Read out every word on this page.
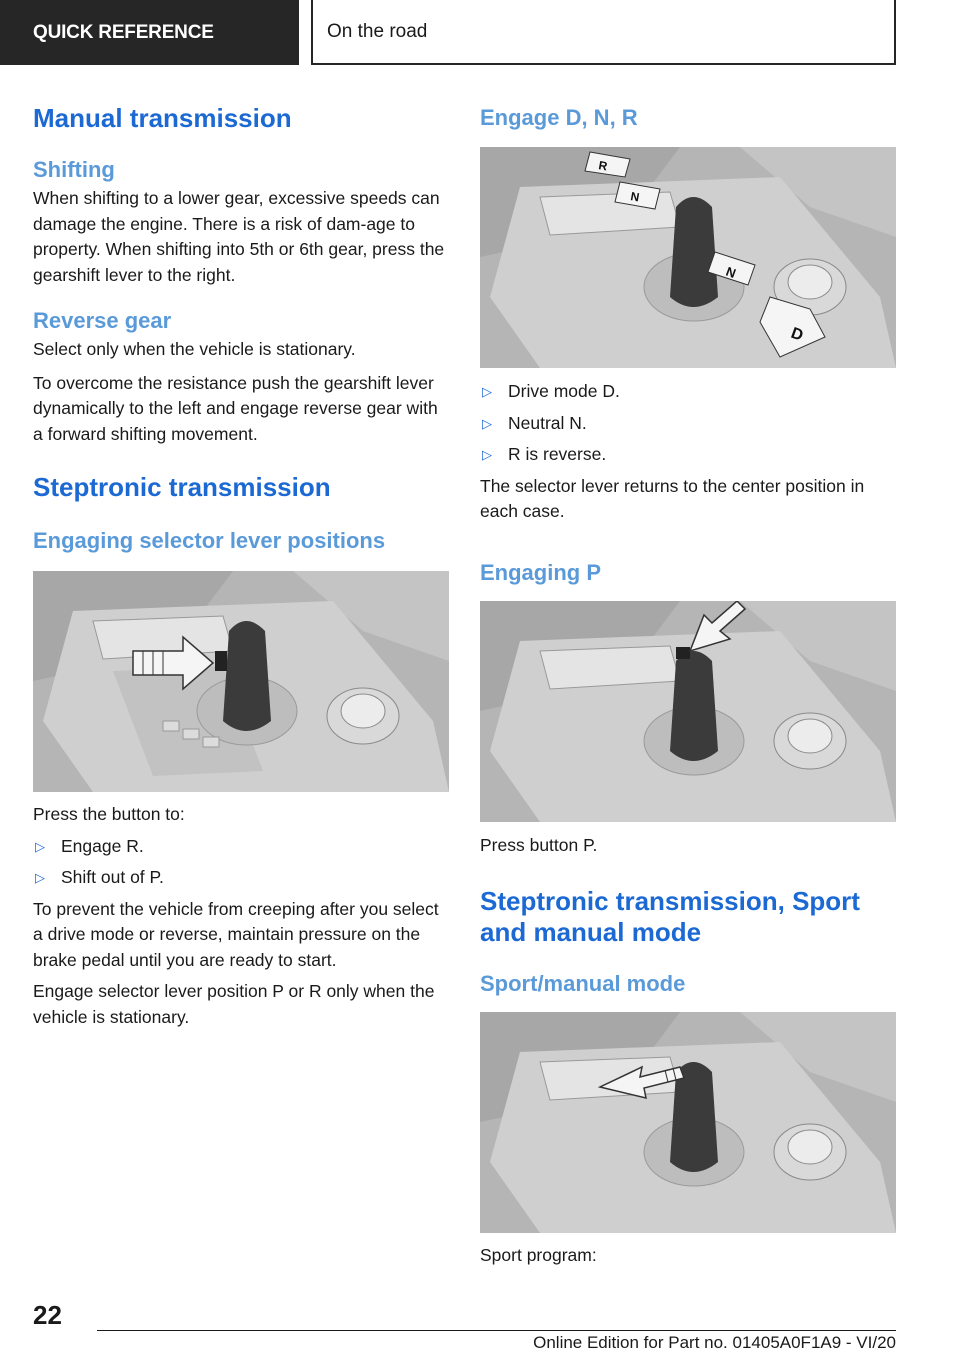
QUICK REFERENCE	On the road
Manual transmission
Shifting

When shifting to a lower gear, excessive speeds can damage the engine. There is a risk of dam‐age to property. When shifting into 5th or 6th gear, press the gearshift lever to the right.

Reverse gear

Select only when the vehicle is stationary.

To overcome the resistance push the gearshift lever dynamically to the left and engage reverse gear with a forward shifting movement.

Steptronic transmission
Engaging selector lever positions

Press the button to:

▷ Engage R.
▷ Shift out of P.

To prevent the vehicle from creeping after you select a drive mode or reverse, maintain pressure on the brake pedal until you are ready to start.

Engage selector lever position P or R only when the vehicle is stationary.

Engage D, N, R
R
N
N
D
▷ Drive mode D.
▷ Neutral N.
▷ R is reverse.

The selector lever returns to the center position in each case.

Engaging P

Press button P.

Steptronic transmission, Sport and manual mode
Sport/manual mode

Sport program:

22
Online Edition for Part no. 01405A0F1A9 - VI/20
